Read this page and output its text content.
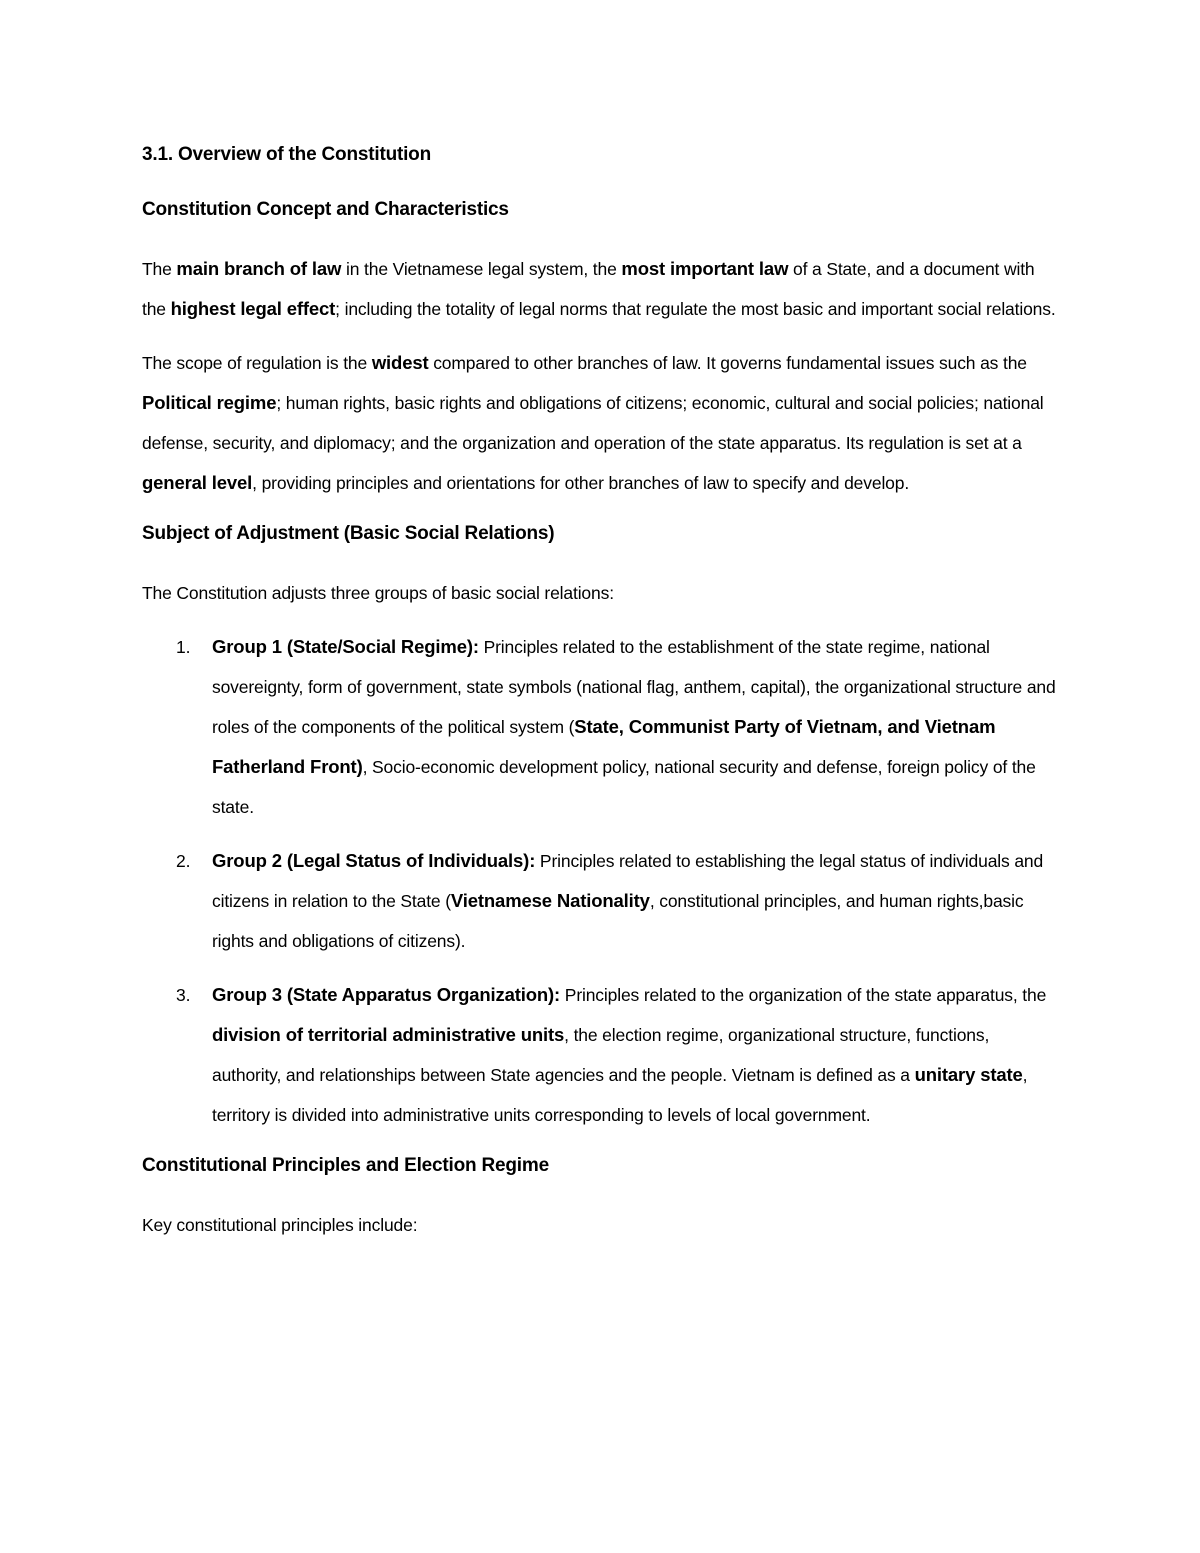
3.1. Overview of the Constitution
Constitution Concept and Characteristics

The main branch of law in the Vietnamese legal system, the most important law of a State, and a document with the highest legal effect; including the totality of legal norms that regulate the most basic and important social relations.

The scope of regulation is the widest compared to other branches of law. It governs fundamental issues such as the Political regime; human rights, basic rights and obligations of citizens; economic, cultural and social policies; national defense, security, and diplomacy; and the organization and operation of the state apparatus. Its regulation is set at a general level, providing principles and orientations for other branches of law to specify and develop.

Subject of Adjustment (Basic Social Relations)

The Constitution adjusts three groups of basic social relations:

1. Group 1 (State/Social Regime): Principles related to the establishment of the state regime, national sovereignty, form of government, state symbols (national flag, anthem, capital), the organizational structure and roles of the components of the political system (State, Communist Party of Vietnam, and Vietnam Fatherland Front), Socio-economic development policy, national security and defense, foreign policy of the state.
2. Group 2 (Legal Status of Individuals): Principles related to establishing the legal status of individuals and citizens in relation to the State (Vietnamese Nationality, constitutional principles, and human rights,basic rights and obligations of citizens).
3. Group 3 (State Apparatus Organization): Principles related to the organization of the state apparatus, the division of territorial administrative units, the election regime, organizational structure, functions, authority, and relationships between State agencies and the people. Vietnam is defined as a unitary state, territory is divided into administrative units corresponding to levels of local government.
Constitutional Principles and Election Regime

Key constitutional principles include:
